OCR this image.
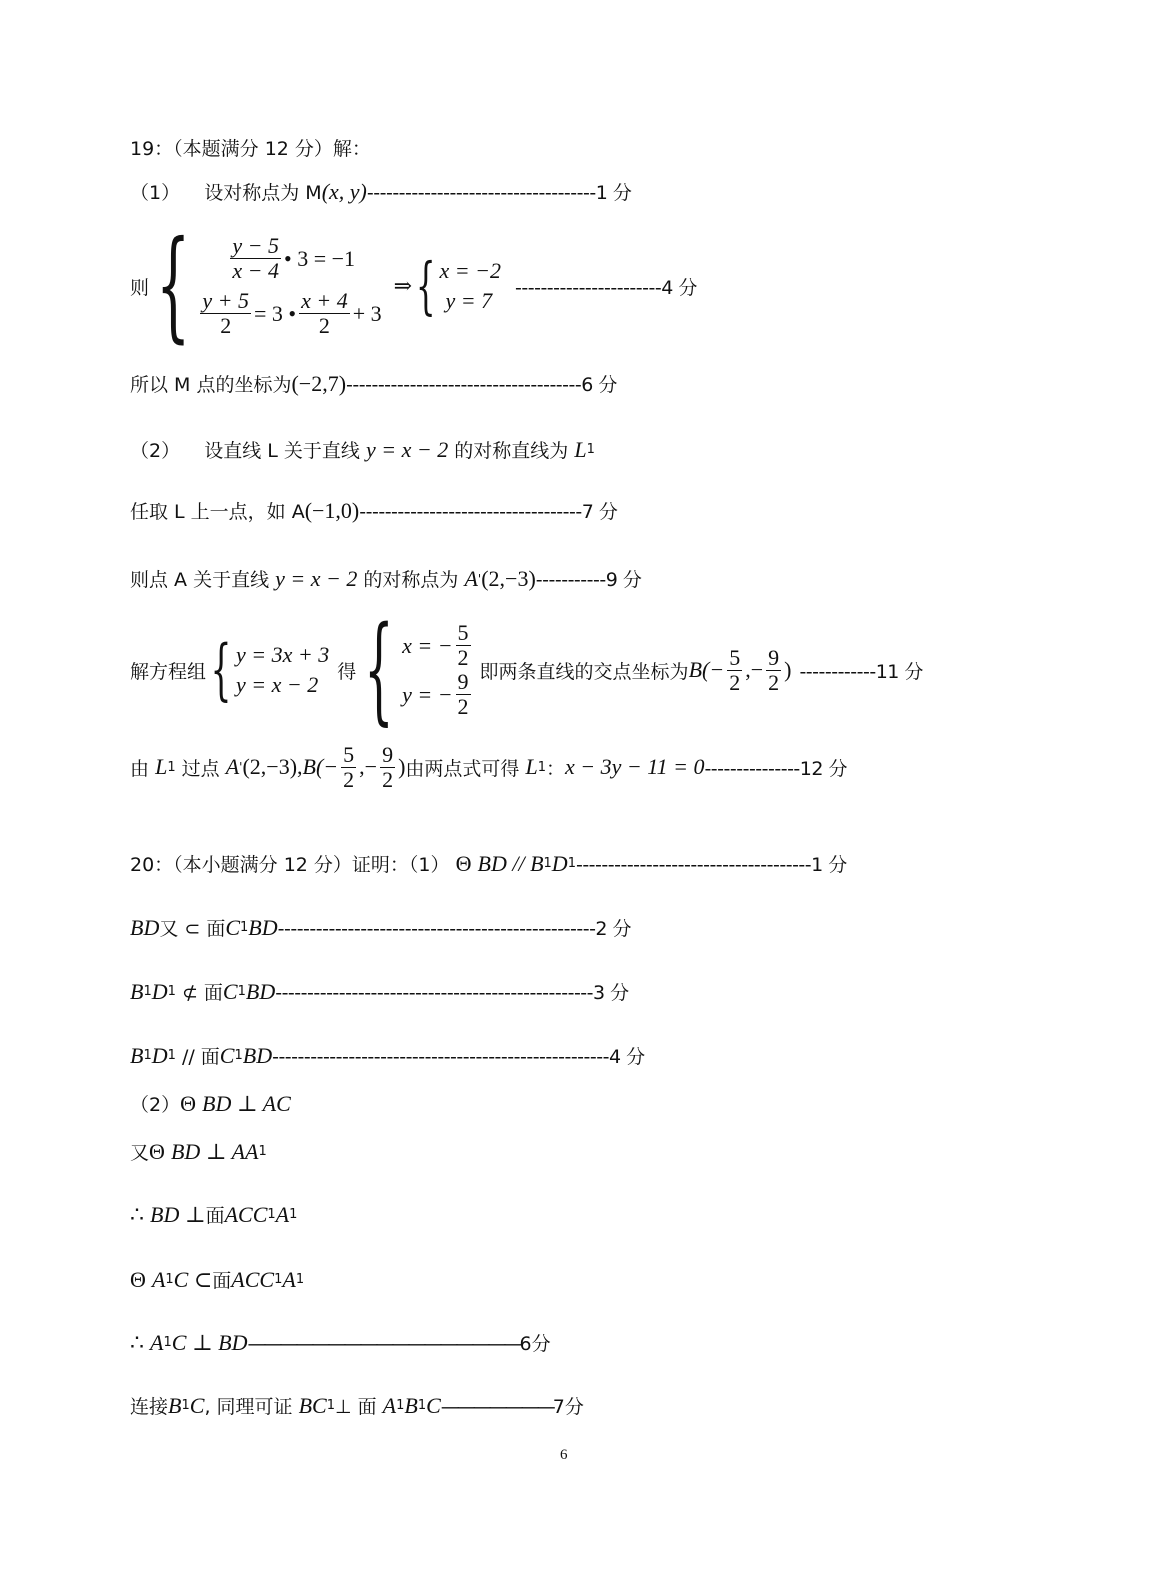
19：（本题满分 12 分）解：
（1）
设对称点为 M (x, y) ------------------------------------1 分
则 { $\frac{y - 5}{x - 4}$ • 3 = −1
$\frac{y + 5}{2} = 3$ • $\frac{x + 4}{2} + 3$
⇒ { x = −2
y = 7
-----------------------4 分
所以 M 点的坐标为 (−2,7) -------------------------------------6 分
（2）
设直线 L 关于直线
y = x − 2
的对称直线为
L 1
任取 L 上一点，如 A (−1,0) -----------------------------------7 分
则点 A 关于直线
y = x − 2
的对称点为
A ' (2,−3) -----------9 分
解方程组 { y = 3x + 3
y = x − 2
得 { x = − $\frac{5}{2}$
y = − $\frac{9}{2}$ 即两条直线的交点坐标为 $B(- \frac{5}{2}$ ,− $\frac{9}{2}$ ) ------------11 分
由
L 1
过点
A ' (2,−3) , $B(- \frac{5}{2}$ ,− $\frac{9}{2}$ ) 由两点式可得
L 1 ： x − 3y − 11 = 0 ---------------12 分
20：（本小题满分 12 分）证明：（1）
Θ
BD // B 1 D 1 -------------------------------------1 分
BD 又 ⊂ 面 C 1 BD --------------------------------------------------2 分
B 1 D 1
⊄ 面 C 1 BD --------------------------------------------------3 分
B 1 D 1
// 面 C 1 BD -----------------------------------------------------4 分
（2） Θ
BD ⊥ AC
又 Θ
BD ⊥ AA 1
∴
BD ⊥ 面 ACC 1 A 1
Θ
A 1 C ⊂ 面 ACC 1 A 1
∴
A 1 C ⊥ BD —————————————————6 分
连接 B 1 C , 同理可证
BC 1 ⊥ 面
A 1 B 1 C ———————7 分
6
